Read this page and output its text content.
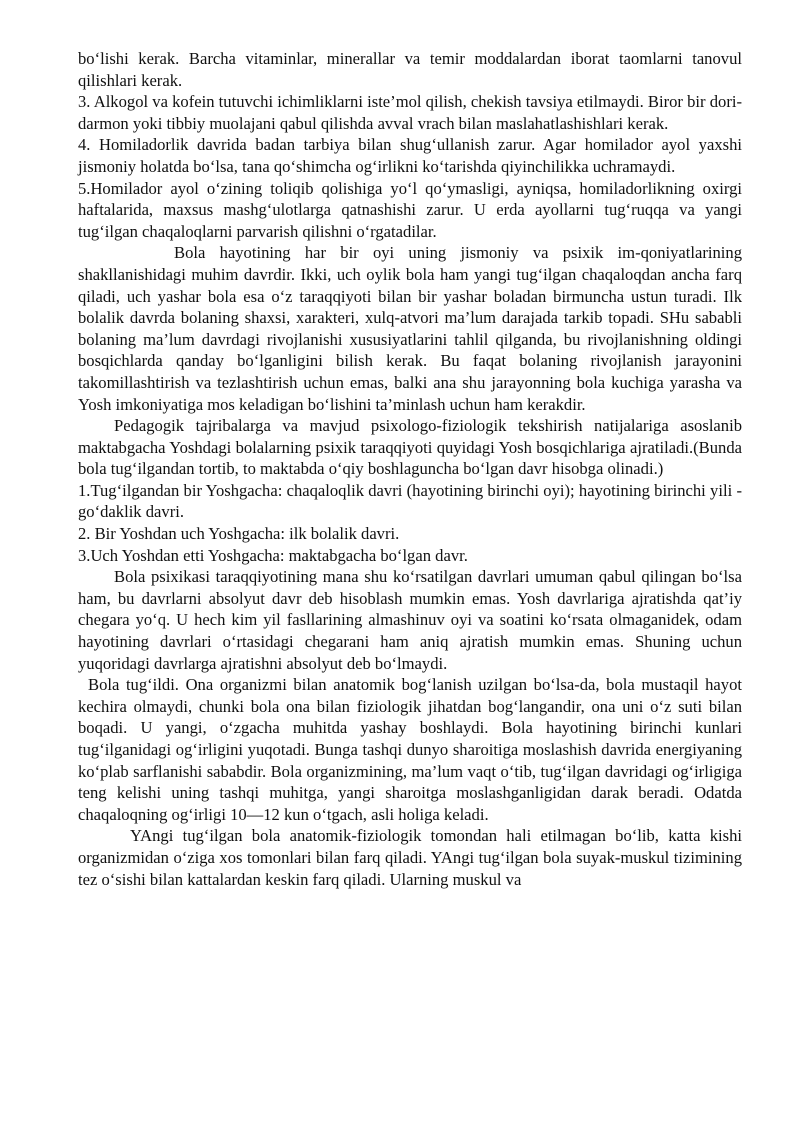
bo‘lishi kerak. Barcha vitaminlar, minerallar va temir moddalardan iborat taomlarni tanovul qilishlari kerak.

3. Alkogol va kofein tutuvchi ichimliklarni iste’mol qilish, chekish tavsiya etilmaydi. Biror bir dori-darmon yoki tibbiy muolajani qabul qilishda avval vrach bilan maslahatlashishlari kerak.

4. Homiladorlik davrida badan tarbiya bilan shug‘ullanish zarur. Agar homilador ayol yaxshi jismoniy holatda bo‘lsa, tana qo‘shimcha og‘irlikni ko‘tarishda qiyinchilikka uchramaydi.

5.Homilador ayol o‘zining toliqib qolishiga yo‘l qo‘ymasligi, ayniqsa, homiladorlikning oxirgi haftalarida, maxsus mashg‘ulotlarga qatnashishi zarur. U erda ayollarni tug‘ruqqa va yangi tug‘ilgan chaqaloqlarni parvarish qilishni o‘rgatadilar.

Bola hayotining har bir oyi uning jismoniy va psixik im-qoniyatlarining shakllanishidagi muhim davrdir. Ikki, uch oylik bola ham yangi tug‘ilgan chaqaloqdan ancha farq qiladi, uch yashar bola esa o‘z taraqqiyoti bilan bir yashar boladan birmuncha ustun turadi. Ilk bolalik davrda bolaning shaxsi, xarakteri, xulq-atvori ma’lum darajada tarkib topadi. SHu sababli bolaning ma’lum davrdagi rivojlanishi xususiyatlarini tahlil qilganda, bu rivojlanishning oldingi bosqichlarda qanday bo‘lganligini bilish kerak. Bu faqat bolaning rivojlanish jarayonini takomillashtirish va tezlashtirish uchun emas, balki ana shu jarayonning bola kuchiga yarasha va Yosh imkoniyatiga mos keladigan bo‘lishini ta’minlash uchun ham kerakdir.

Pedagogik tajribalarga va mavjud psixologo-fiziologik tekshirish natijalariga asoslanib maktabgacha Yoshdagi bolalarning psixik taraqqiyoti quyidagi Yosh bosqichlariga ajratiladi.(Bunda bola tug‘ilgandan tortib, to maktabda o‘qiy boshlaguncha bo‘lgan davr hisobga olinadi.)

1.Tug‘ilgandan bir Yoshgacha: chaqaloqlik davri (hayotining birinchi oyi); hayotining birinchi yili - go‘daklik davri.

2. Bir Yoshdan uch Yoshgacha: ilk bolalik davri.

3.Uch Yoshdan etti Yoshgacha: maktabgacha bo‘lgan davr.

Bola psixikasi taraqqiyotining mana shu ko‘rsatilgan davrlari umuman qabul qilingan bo‘lsa ham, bu davrlarni absolyut davr deb hisoblash mumkin emas. Yosh davrlariga ajratishda qat’iy chegara yo‘q. U hech kim yil fasllarining almashinuv oyi va soatini ko‘rsata olmaganidek, odam hayotining davrlari o‘rtasidagi chegarani ham aniq ajratish mumkin emas. Shuning uchun yuqoridagi davrlarga ajratishni absolyut deb bo‘lmaydi.

Bola tug‘ildi. Ona organizmi bilan anatomik bog‘lanish uzilgan bo‘lsa-da, bola mustaqil hayot kechira olmaydi, chunki bola ona bilan fiziologik jihatdan bog‘langandir, ona uni o‘z suti bilan boqadi. U yangi, o‘zgacha muhitda yashay boshlaydi. Bola hayotining birinchi kunlari tug‘ilganidagi og‘irligini yuqotadi. Bunga tashqi dunyo sharoitiga moslashish davrida energiyaning ko‘plab sarflanishi sababdir. Bola organizmining, ma’lum vaqt o‘tib, tug‘ilgan davridagi og‘irligiga teng kelishi uning tashqi muhitga, yangi sharoitga moslashganligidan darak beradi. Odatda chaqaloqning og‘irligi 10—12 kun o‘tgach, asli holiga keladi.

YAngi tug‘ilgan bola anatomik-fiziologik tomondan hali etilmagan bo‘lib, katta kishi organizmidan o‘ziga xos tomonlari bilan farq qiladi. YAngi tug‘ilgan bola suyak-muskul tizimining tez o‘sishi bilan kattalardan keskin farq qiladi. Ularning muskul va
